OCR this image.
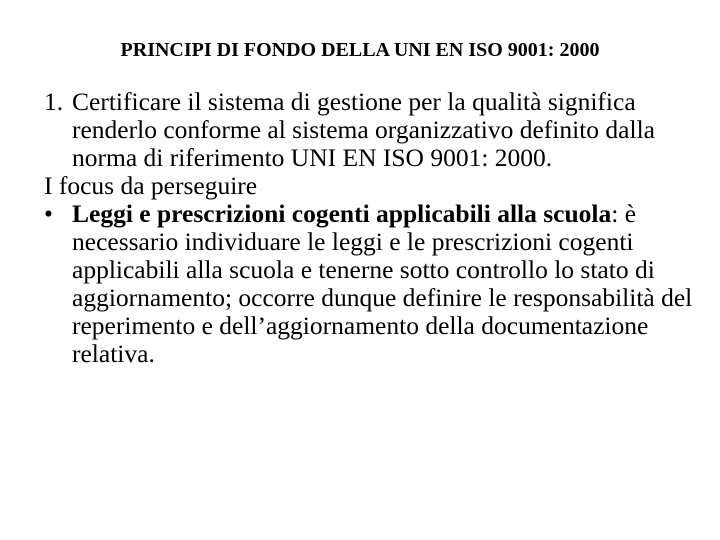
PRINCIPI DI FONDO DELLA UNI EN ISO 9001: 2000
1. Certificare il sistema di gestione per la qualità significa renderlo conforme al sistema organizzativo definito dalla norma di riferimento UNI EN ISO 9001: 2000.
I focus da perseguire
• Leggi e prescrizioni cogenti applicabili alla scuola: è necessario individuare le leggi e le prescrizioni cogenti applicabili alla scuola e tenerne sotto controllo lo stato di aggiornamento; occorre dunque definire le responsabilità del reperimento e dell’aggiornamento della documentazione relativa.
